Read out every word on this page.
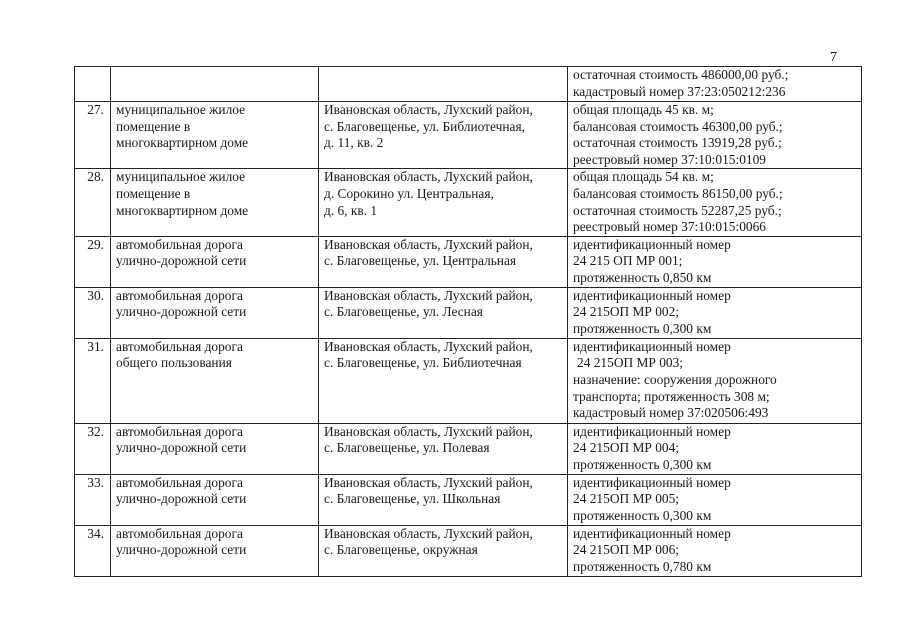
7

			остаточная стоимость 486000,00 руб.;
кадастровый номер 37:23:050212:236

27.	муниципальное жилое
помещение в
многоквартирном доме	Ивановская область, Лухский район,
с. Благовещенье, ул. Библиотечная,
д. 11, кв. 2	общая площадь 45 кв. м;
балансовая стоимость 46300,00 руб.;
остаточная стоимость 13919,28 руб.;
реестровый номер 37:10:015:0109

28.	муниципальное жилое
помещение в
многоквартирном доме	Ивановская область, Лухский район,
д. Сорокино ул. Центральная,
д. 6, кв. 1	общая площадь 54 кв. м;
балансовая стоимость 86150,00 руб.;
остаточная стоимость 52287,25 руб.;
реестровый номер 37:10:015:0066

29.	автомобильная дорога
улично-дорожной сети	Ивановская область, Лухский район,
с. Благовещенье, ул. Центральная	идентификационный номер
24 215 ОП МР 001;
протяженность 0,850 км

30.	автомобильная дорога
улично-дорожной сети	Ивановская область, Лухский район,
с. Благовещенье, ул. Лесная	идентификационный номер
24 215ОП МР 002;
протяженность 0,300 км

31.	автомобильная дорога
общего пользования	Ивановская область, Лухский район,
с. Благовещенье, ул. Библиотечная	идентификационный номер
24 215ОП МР 003;
назначение: сооружения дорожного
транспорта; протяженность 308 м;
кадастровый номер 37:020506:493

32.	автомобильная дорога
улично-дорожной сети	Ивановская область, Лухский район,
с. Благовещенье, ул. Полевая	идентификационный номер
24 215ОП МР 004;
протяженность 0,300 км

33.	автомобильная дорога
улично-дорожной сети	Ивановская область, Лухский район,
с. Благовещенье, ул. Школьная	идентификационный номер
24 215ОП МР 005;
протяженность 0,300 км

34.	автомобильная дорога
улично-дорожной сети	Ивановская область, Лухский район,
с. Благовещенье, окружная	идентификационный номер
24 215ОП МР 006;
протяженность 0,780 км
